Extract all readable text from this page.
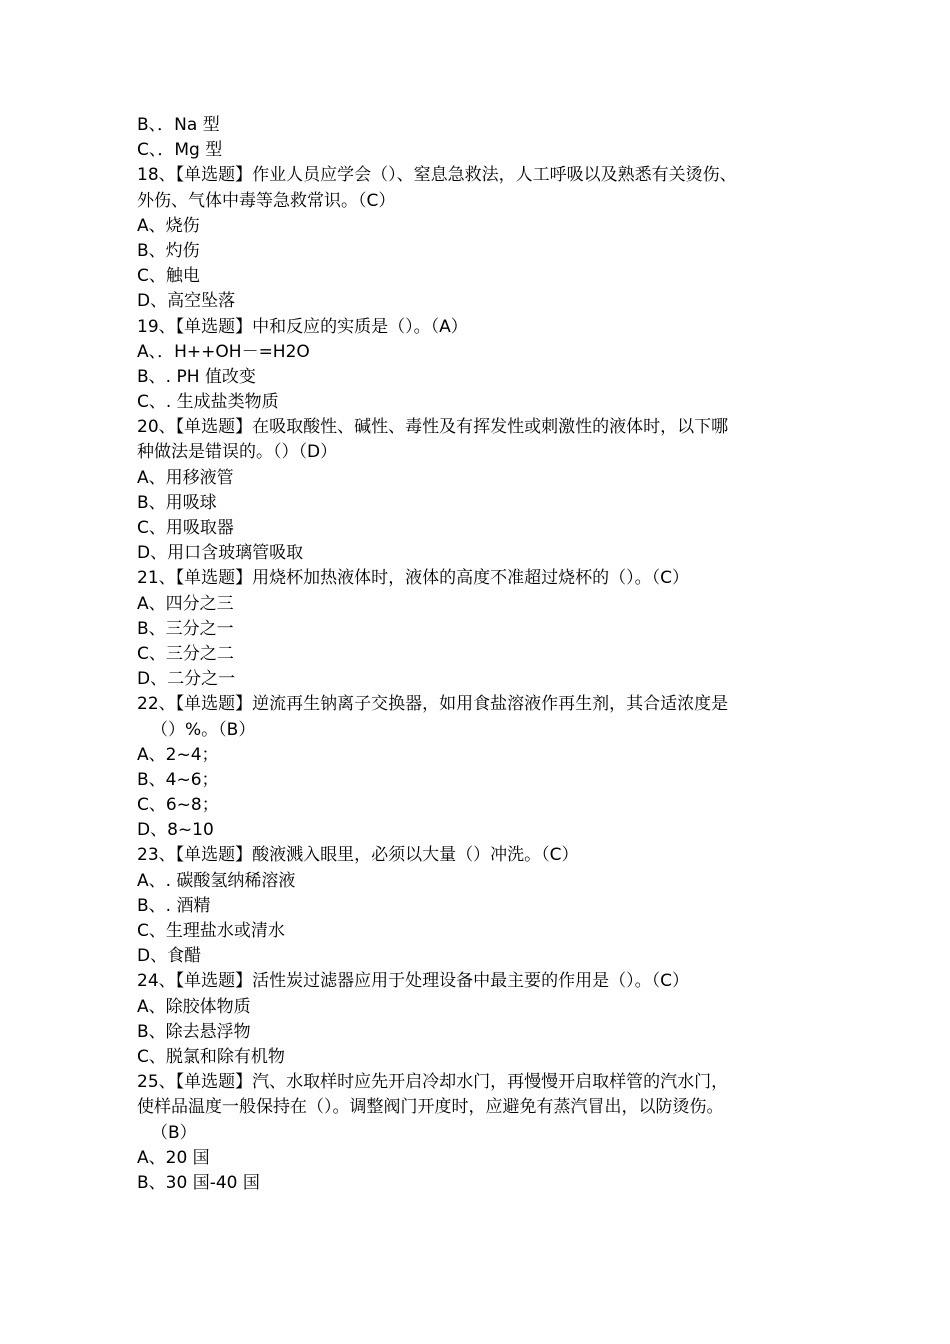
B、．Na 型
C、．Mg 型
18、【单选题】作业人员应学会（）、窒息急救法，人工呼吸以及熟悉有关烫伤、
外伤、气体中毒等急救常识。（C）
A、烧伤
B、灼伤
C、触电
D、高空坠落
19、【单选题】中和反应的实质是（）。（A）
A、．H++OH－=H2O
B、. PH 值改变
C、. 生成盐类物质
20、【单选题】在吸取酸性、碱性、毒性及有挥发性或刺激性的液体时，以下哪
种做法是错误的。（）（D）
A、用移液管
B、用吸球
C、用吸取器
D、用口含玻璃管吸取
21、【单选题】用烧杯加热液体时，液体的高度不准超过烧杯的（）。（C）
A、四分之三
B、三分之一
C、三分之二
D、二分之一
22、【单选题】逆流再生钠离子交换器，如用食盐溶液作再生剂，其合适浓度是
（）%。（B）
A、2~4；
B、4~6；
C、6~8；
D、8~10
23、【单选题】酸液溅入眼里，必须以大量（）冲洗。（C）
A、. 碳酸氢纳稀溶液
B、. 酒精
C、生理盐水或清水
D、食醋
24、【单选题】活性炭过滤器应用于处理设备中最主要的作用是（）。（C）
A、除胶体物质
B、除去悬浮物
C、脱氯和除有机物
25、【单选题】汽、水取样时应先开启冷却水门，再慢慢开启取样管的汽水门，
使样品温度一般保持在（）。调整阀门开度时，应避免有蒸汽冒出，以防烫伤。
（B）
A、20 国
B、30 国-40 国
